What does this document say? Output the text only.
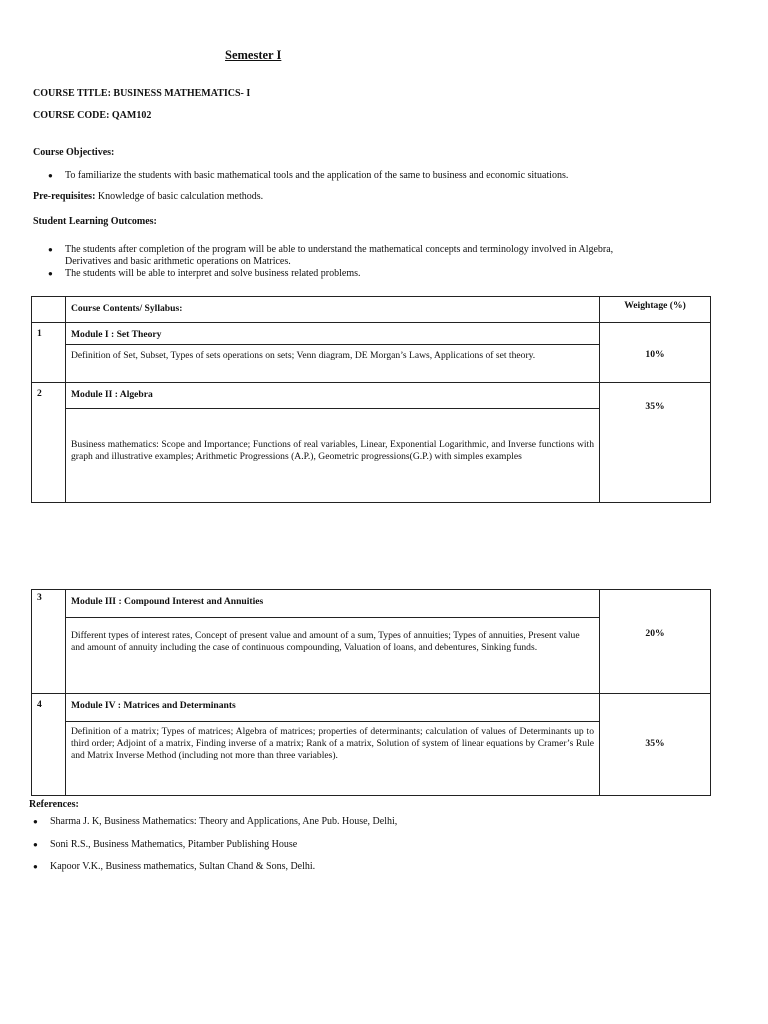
Semester I
COURSE TITLE: BUSINESS MATHEMATICS- I
COURSE CODE: QAM102
Course Objectives:
● To familiarize the students with basic mathematical tools and the application of the same to business and economic situations.
Pre-requisites: Knowledge of basic calculation methods.
Student Learning Outcomes:
● The students after completion of the program will be able to understand the mathematical concepts and terminology involved in Algebra, Derivatives and basic arithmetic operations on Matrices.
● The students will be able to interpret and solve business related problems.
	Course Contents/ Syllabus:	Weightage (%)
1	Module I : Set Theory	10%
	Definition of Set, Subset, Types of sets operations on sets; Venn diagram, DE Morgan’s Laws, Applications of set theory.	
2	Module II : Algebra	35%
	Business mathematics: Scope and Importance; Functions of real variables, Linear, Exponential Logarithmic, and Inverse functions with graph and illustrative examples; Arithmetic Progressions (A.P.), Geometric progressions(G.P.) with simples examples	
3	Module III : Compound Interest and Annuities	20%
	Different types of interest rates, Concept of present value and amount of a sum, Types of annuities; Types of annuities, Present value and amount of annuity including the case of continuous compounding, Valuation of loans, and debentures, Sinking funds.	
4	Module IV : Matrices and Determinants	35%
	Definition of a matrix; Types of matrices; Algebra of matrices; properties of determinants; calculation of values of Determinants up to third order; Adjoint of a matrix, Finding inverse of a matrix; Rank of a matrix, Solution of system of linear equations by Cramer’s Rule and Matrix Inverse Method (including not more than three variables).	
References:
● Sharma J. K, Business Mathematics: Theory and Applications, Ane Pub. House, Delhi,
● Soni R.S., Business Mathematics, Pitamber Publishing House
● Kapoor V.K., Business mathematics, Sultan Chand & Sons, Delhi.
